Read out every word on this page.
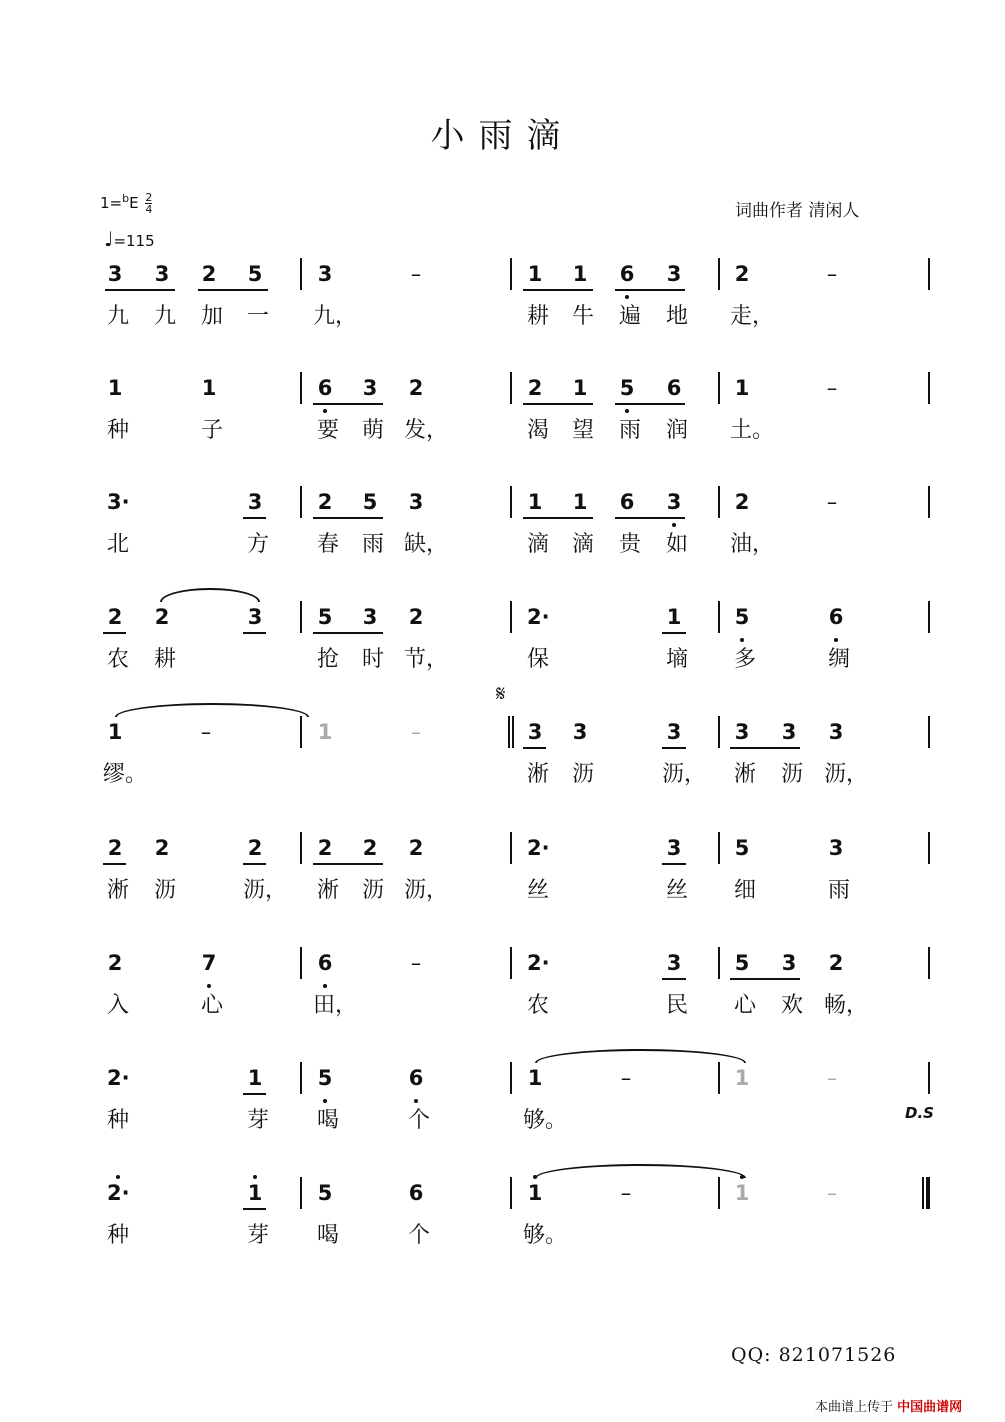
小雨滴
$1=^bE \frac{2}{4}$
♩=115
词曲作者 清闲人
3 3 2 5	3	–	1 1 6 3	2	–
九 九 加 一 九，	耕 牛 遍 地 走，
1	1	6 3 2	2 1 5 6	1	–
种	子	要 萌 发，	渴 望 雨 润 土。
3·	3	2 5 3	1 1 6 3	2	–
北	方 春 雨 缺，	滴 滴 贵 如 油，
2 2	3	5 3 2	2·	1	5	6
农 耕	抢 时 节，	保	墒 多	绸
1	–	1	–	3 3	3	3 3 3
缪。	淅 沥	沥， 淅 沥 沥，
2 2	2	2 2 2	2·	3	5	3
淅 沥	沥， 淅 沥 沥，	丝	丝 细	雨
2	7	6	–	2·	3	5 3 2
入	心	田，	农	民 心 欢 畅，
2·	1	5	6	1	–	1	–
种	芽 喝	个	够。
2·	1	5	6	1	–	1	–
种	芽 喝	个	够。
𝄋
D.S
QQ: 821071526
本曲谱上传于 中国曲谱网
